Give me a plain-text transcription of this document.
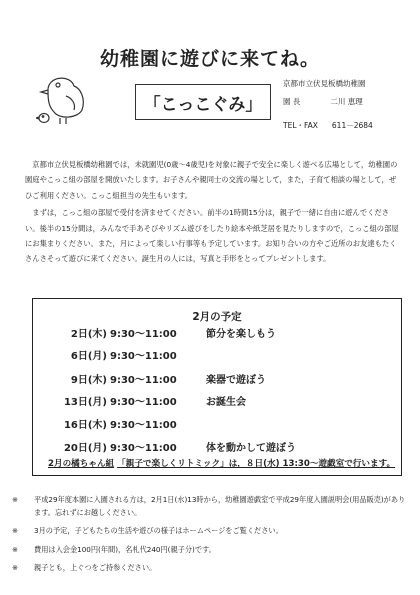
幼稚園に遊びに来てね。
「こっこぐみ」
京都市立伏見板橋幼稚園
園 長	二川 恵理
TEL・FAX 611－2684

京都市立伏見板橋幼稚園では，未就園児(0歳～4歳児)を対象に親子で安全に楽しく遊べる広場として，幼稚園の園庭やこっこ組の部屋を開放いたします。お子さんや親同士の交流の場として，また，子育て相談の場として，ぜひご利用ください。こっこ組担当の先生もいます。

まずは，こっこ組の部屋で受付を済ませてください。前半の1時間15分は，親子で一緒に自由に遊んでください。後半の15分間は，みんなで手あそびやリズム遊びをしたり絵本や紙芝居を見たりしますので，こっこ組の部屋にお集まりください。また，月によって楽しい行事等も予定しています。お知り合いの方やご近所のお友達もたくさんさそって遊びに来てください。誕生月の人には，写真と手形をとってプレゼントします。

2月の予定
2日(木) 9:30～11:00	節分を楽しもう
6日(月) 9:30～11:00
9日(木) 9:30～11:00	楽器で遊ぼう
13日(月) 9:30～11:00	お誕生会
16日(木) 9:30～11:00
20日(月) 9:30～11:00	体を動かして遊ぼう
2月の橘ちゃん組 「親子で楽しくリトミック」は，８日(水) 13:30～遊戯室で行います。
※ 平成29年度本園に入園される方は，2月1日(水)13時から，幼稚園遊戯室で平成29年度入園説明会(用品販売)があります。忘れずにお越しください。
※ 3月の予定，子どもたちの生活や遊びの様子はホームページをご覧ください。
※ 費用は入会金100円(年間)，名札代240円(親子分)です。
※ 親子とも，上ぐつをご持参ください。
